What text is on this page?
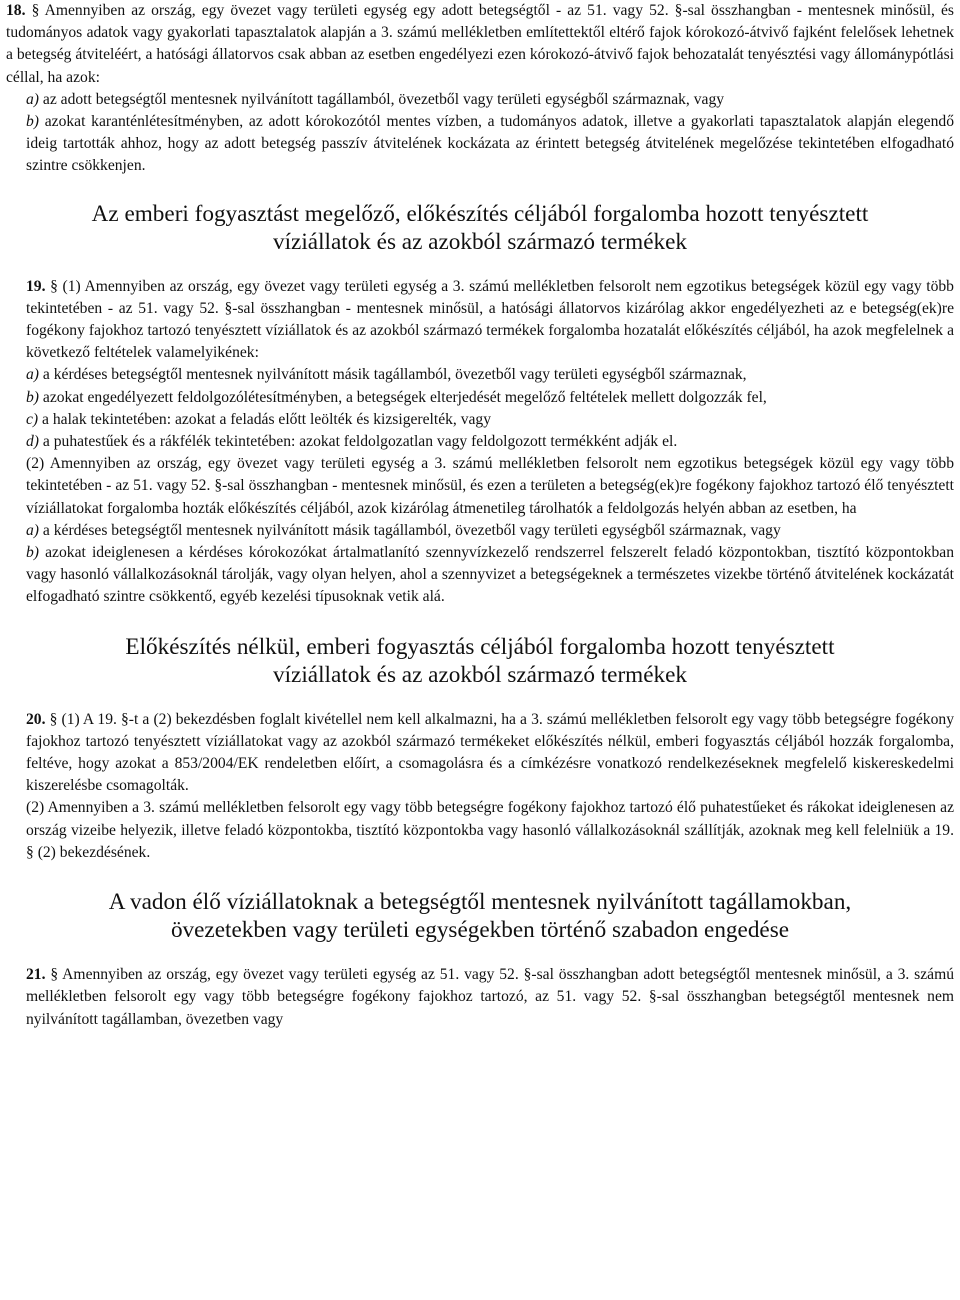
18. § Amennyiben az ország, egy övezet vagy területi egység egy adott betegségtől - az 51. vagy 52. §-sal összhangban - mentesnek minősül, és tudományos adatok vagy gyakorlati tapasztalatok alapján a 3. számú mellékletben említettektől eltérő fajok kórokozó-átvivő fajként felelősek lehetnek a betegség átviteléért, a hatósági állatorvos csak abban az esetben engedélyezi ezen kórokozó-átvivő fajok behozatalát tenyésztési vagy állománypótlási céllal, ha azok:

a) az adott betegségtől mentesnek nyilvánított tagállamból, övezetből vagy területi egységből származnak, vagy

b) azokat karanténlétesítményben, az adott kórokozótól mentes vízben, a tudományos adatok, illetve a gyakorlati tapasztalatok alapján elegendő ideig tartották ahhoz, hogy az adott betegség passzív átvitelének kockázata az érintett betegség átvitelének megelőzése tekintetében elfogadható szintre csökkenjen.

Az emberi fogyasztást megelőző, előkészítés céljából forgalomba hozott tenyésztett
víziállatok és az azokból származó termékek

19. § (1) Amennyiben az ország, egy övezet vagy területi egység a 3. számú mellékletben felsorolt nem egzotikus betegségek közül egy vagy több tekintetében - az 51. vagy 52. §-sal összhangban - mentesnek minősül, a hatósági állatorvos kizárólag akkor engedélyezheti az e betegség(ek)re fogékony fajokhoz tartozó tenyésztett víziállatok és az azokból származó termékek forgalomba hozatalát előkészítés céljából, ha azok megfelelnek a következő feltételek valamelyikének:

a) a kérdéses betegségtől mentesnek nyilvánított másik tagállamból, övezetből vagy területi egységből származnak,

b) azokat engedélyezett feldolgozólétesítményben, a betegségek elterjedését megelőző feltételek mellett dolgozzák fel,

c) a halak tekintetében: azokat a feladás előtt leölték és kizsigerelték, vagy

d) a puhatestűek és a rákfélék tekintetében: azokat feldolgozatlan vagy feldolgozott termékként adják el.

(2) Amennyiben az ország, egy övezet vagy területi egység a 3. számú mellékletben felsorolt nem egzotikus betegségek közül egy vagy több tekintetében - az 51. vagy 52. §-sal összhangban - mentesnek minősül, és ezen a területen a betegség(ek)re fogékony fajokhoz tartozó élő tenyésztett víziállatokat forgalomba hozták előkészítés céljából, azok kizárólag átmenetileg tárolhatók a feldolgozás helyén abban az esetben, ha

a) a kérdéses betegségtől mentesnek nyilvánított másik tagállamból, övezetből vagy területi egységből származnak, vagy

b) azokat ideiglenesen a kérdéses kórokozókat ártalmatlanító szennyvízkezelő rendszerrel felszerelt feladó központokban, tisztító központokban vagy hasonló vállalkozásoknál tárolják, vagy olyan helyen, ahol a szennyvizet a betegségeknek a természetes vizekbe történő átvitelének kockázatát elfogadható szintre csökkentő, egyéb kezelési típusoknak vetik alá.

Előkészítés nélkül, emberi fogyasztás céljából forgalomba hozott tenyésztett
víziállatok és az azokból származó termékek

20. § (1) A 19. §-t a (2) bekezdésben foglalt kivétellel nem kell alkalmazni, ha a 3. számú mellékletben felsorolt egy vagy több betegségre fogékony fajokhoz tartozó tenyésztett víziállatokat vagy az azokból származó termékeket előkészítés nélkül, emberi fogyasztás céljából hozzák forgalomba, feltéve, hogy azokat a 853/2004/EK rendeletben előírt, a csomagolásra és a címkézésre vonatkozó rendelkezéseknek megfelelő kiskereskedelmi kiszerelésbe csomagolták.

(2) Amennyiben a 3. számú mellékletben felsorolt egy vagy több betegségre fogékony fajokhoz tartozó élő puhatestűeket és rákokat ideiglenesen az ország vizeibe helyezik, illetve feladó központokba, tisztító központokba vagy hasonló vállalkozásoknál szállítják, azoknak meg kell felelniük a 19. § (2) bekezdésének.

A vadon élő víziállatoknak a betegségtől mentesnek nyilvánított tagállamokban,
övezetekben vagy területi egységekben történő szabadon engedése

21. § Amennyiben az ország, egy övezet vagy területi egység az 51. vagy 52. §-sal összhangban adott betegségtől mentesnek minősül, a 3. számú mellékletben felsorolt egy vagy több betegségre fogékony fajokhoz tartozó, az 51. vagy 52. §-sal összhangban betegségtől mentesnek nem nyilvánított tagállamban, övezetben vagy
